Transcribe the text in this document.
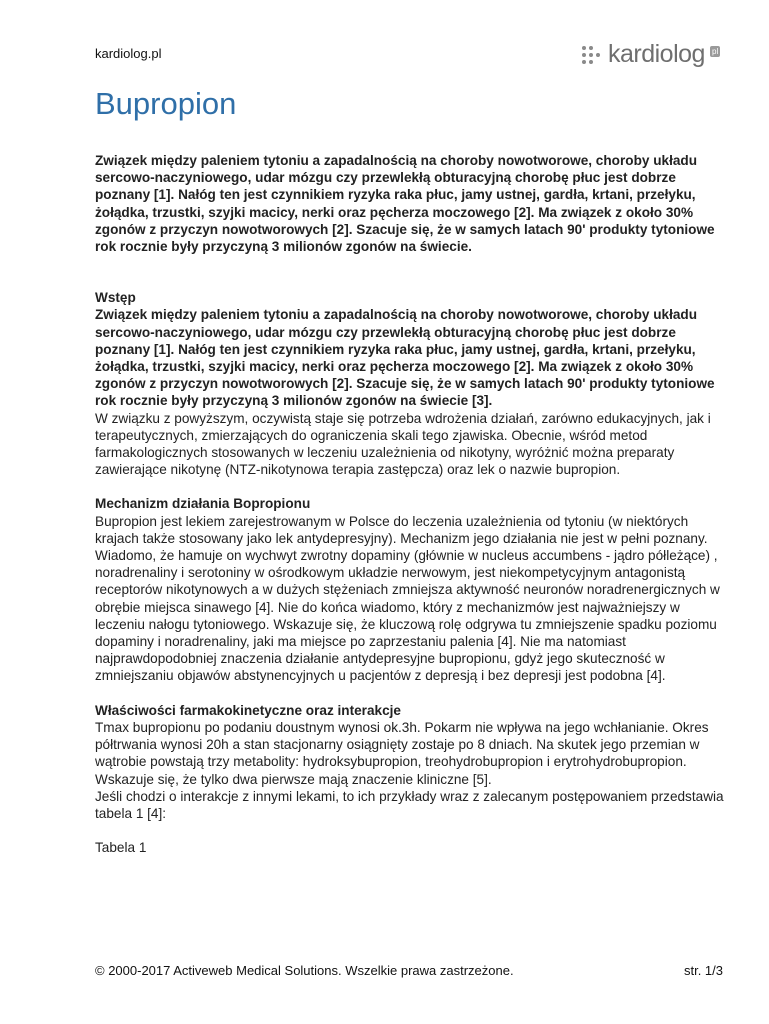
kardiolog.pl	kardiolog pl
Bupropion

Związek między paleniem tytoniu a zapadalnością na choroby nowotworowe, choroby układu sercowo-naczyniowego, udar mózgu czy przewlekłą obturacyjną chorobę płuc jest dobrze poznany [1]. Nałóg ten jest czynnikiem ryzyka raka płuc, jamy ustnej, gardła, krtani, przełyku, żołądka, trzustki, szyjki macicy, nerki oraz pęcherza moczowego [2]. Ma związek z około 30% zgonów z przyczyn nowotworowych [2]. Szacuje się, że w samych latach 90' produkty tytoniowe rok rocznie były przyczyną 3 milionów zgonów na świecie.

Wstęp

Związek między paleniem tytoniu a zapadalnością na choroby nowotworowe, choroby układu sercowo-naczyniowego, udar mózgu czy przewlekłą obturacyjną chorobę płuc jest dobrze poznany [1]. Nałóg ten jest czynnikiem ryzyka raka płuc, jamy ustnej, gardła, krtani, przełyku, żołądka, trzustki, szyjki macicy, nerki oraz pęcherza moczowego [2]. Ma związek z około 30% zgonów z przyczyn nowotworowych [2]. Szacuje się, że w samych latach 90' produkty tytoniowe rok rocznie były przyczyną 3 milionów zgonów na świecie [3].

W związku z powyższym, oczywistą staje się potrzeba wdrożenia działań, zarówno edukacyjnych, jak i terapeutycznych, zmierzających do ograniczenia skali tego zjawiska. Obecnie, wśród metod farmakologicznych stosowanych w leczeniu uzależnienia od nikotyny, wyróżnić można preparaty zawierające nikotynę (NTZ-nikotynowa terapia zastępcza) oraz lek o nazwie bupropion.

Mechanizm działania Bopropionu

Bupropion jest lekiem zarejestrowanym w Polsce do leczenia uzależnienia od tytoniu (w niektórych krajach także stosowany jako lek antydepresyjny). Mechanizm jego działania nie jest w pełni poznany. Wiadomo, że hamuje on wychwyt zwrotny dopaminy (głównie w nucleus accumbens - jądro półleżące) , noradrenaliny i serotoniny w ośrodkowym układzie nerwowym, jest niekompetycyjnym antagonistą receptorów nikotynowych a w dużych stężeniach zmniejsza aktywność neuronów noradrenergicznych w obrębie miejsca sinawego [4]. Nie do końca wiadomo, który z mechanizmów jest najważniejszy w leczeniu nałogu tytoniowego. Wskazuje się, że kluczową rolę odgrywa tu zmniejszenie spadku poziomu dopaminy i noradrenaliny, jaki ma miejsce po zaprzestaniu palenia [4]. Nie ma natomiast najprawdopodobniej znaczenia działanie antydepresyjne bupropionu, gdyż jego skuteczność w zmniejszaniu objawów abstynencyjnych u pacjentów z depresją i bez depresji jest podobna [4].

Właściwości farmakokinetyczne oraz interakcje

Tmax bupropionu po podaniu doustnym wynosi ok.3h. Pokarm nie wpływa na jego wchłanianie. Okres półtrwania wynosi 20h a stan stacjonarny osiągnięty zostaje po 8 dniach. Na skutek jego przemian w wątrobie powstają trzy metabolity: hydroksybupropion, treohydrobupropion i erytrohydrobupropion. Wskazuje się, że tylko dwa pierwsze mają znaczenie kliniczne [5].

Jeśli chodzi o interakcje z innymi lekami, to ich przykłady wraz z zalecanym postępowaniem przedstawia tabela 1 [4]:

Tabela 1

© 2000-2017 Activeweb Medical Solutions. Wszelkie prawa zastrzeżone.	str. 1/3
